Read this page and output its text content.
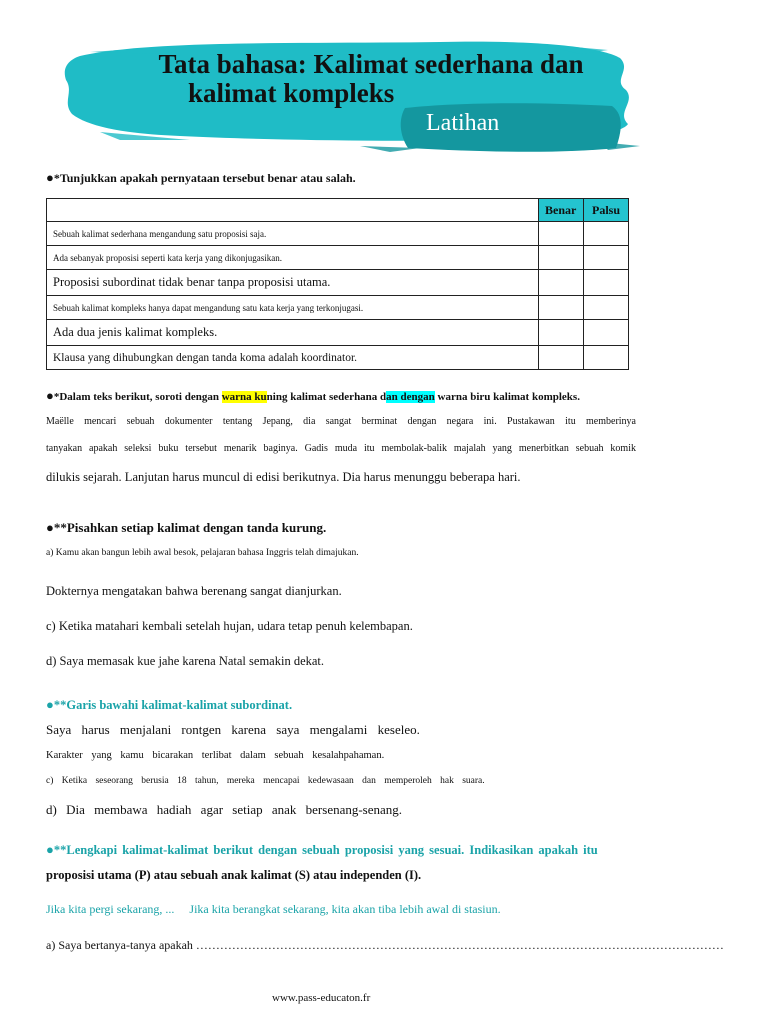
Tata bahasa: Kalimat sederhana dan
kalimat kompleks
Latihan
●*Tunjukkan apakah pernyataan tersebut benar atau salah.
	Benar	Palsu
Sebuah kalimat sederhana mengandung satu proposisi saja.		
Ada sebanyak proposisi seperti kata kerja yang dikonjugasikan.		
Proposisi subordinat tidak benar tanpa proposisi utama.		
Sebuah kalimat kompleks hanya dapat mengandung satu kata kerja yang terkonjugasi.		
Ada dua jenis kalimat kompleks.		
Klausa yang dihubungkan dengan tanda koma adalah koordinator.		
●*Dalam teks berikut, soroti dengan warna kuning kalimat sederhana dan dengan warna biru kalimat kompleks.
Maëlle mencari sebuah dokumenter tentang Jepang, dia sangat berminat dengan negara ini. Pustakawan itu memberinya
tanyakan apakah seleksi buku tersebut menarik baginya. Gadis muda itu membolak-balik majalah yang menerbitkan sebuah komik
dilukis sejarah. Lanjutan harus muncul di edisi berikutnya. Dia harus menunggu beberapa hari.
●**Pisahkan setiap kalimat dengan tanda kurung.
a) Kamu akan bangun lebih awal besok, pelajaran bahasa Inggris telah dimajukan.
Dokternya mengatakan bahwa berenang sangat dianjurkan.
c) Ketika matahari kembali setelah hujan, udara tetap penuh kelembapan.
d) Saya memasak kue jahe karena Natal semakin dekat.
●**Garis bawahi kalimat-kalimat subordinat.
Saya harus menjalani rontgen karena saya mengalami keseleo.
Karakter yang kamu bicarakan terlibat dalam sebuah kesalahpahaman.
c) Ketika seseorang berusia 18 tahun, mereka mencapai kedewasaan dan memperoleh hak suara.
d) Dia membawa hadiah agar setiap anak bersenang-senang.
●**Lengkapi kalimat-kalimat berikut dengan sebuah proposisi yang sesuai. Indikasikan apakah itu
proposisi utama (P) atau sebuah anak kalimat (S) atau independen (I).
Jika kita pergi sekarang, ...  Jika kita berangkat sekarang, kita akan tiba lebih awal di stasiun.
a) Saya bertanya-tanya apakah ……………………………………………………………………………………………………………………
www.pass-educaton.fr
